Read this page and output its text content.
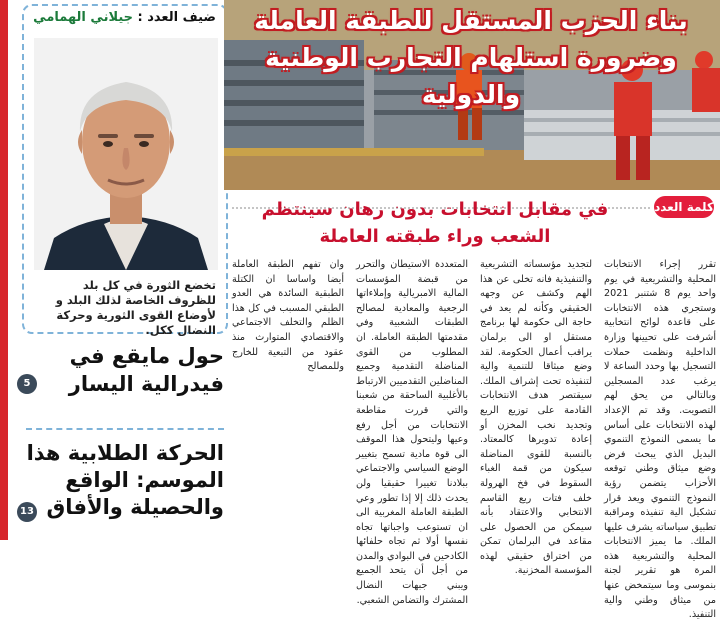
ضيف العدد : جيلاني الهمامي
تخضع الثورة في كل بلد للظروف الخاصة لذلك البلد و لأوضاع القوى الثورية وحركة النضال ككل.
حول مايقع في فيدرالية اليسار
5
الحركة الطلابية هذا الموسم: الواقع والحصيلة والأفاق
13
بناء الحزب المستقل للطبقة العاملة وضرورة استلهام التجارب الوطنية والدولية
كلمة العدد
في مقابل انتخابات بدون رهان سينتظم الشعب وراء طبقته العاملة
تقرر إجراء الانتخابات المحلية والتشريعية في يوم واحد يوم 8 شتنبر 2021 وستجري هذه الانتخابات على قاعدة لوائح انتخابية أشرفت على تحيينها وزارة الداخلية ونظمت حملات التسجيل بها وحدد الساعة لا يرغب عدد المسجلين وبالتالي من يحق لهم التصويت. وقد تم الإعداد لهذه الانتخابات على أساس ما يسمى النموذج التنموي البديل الذي يبحث فرض وضع ميثاق وطني توقعه الأحزاب يتضمن رؤية النموذج التنموي ويعد قرار تشكيل الية تنفيذه ومراقبة تطبيق سياساته يشرف عليها الملك. ما يميز الانتخابات المحلية والتشريعية هذه المرة هو تقرير لجنة بنموسى وما سيتمخض عنها من ميثاق وطني والية التنفيذ.
لتجديد مؤسساته التشريعية والتنفيذية فانه تخلى عن هذا الهم وكشف عن وجهه الحقيقي وكأنه لم يعد في حاجة الى حكومة لها برنامج مستقل او الى برلمان يراقب أعمال الحكومة. لقد وضع ميثاقا للتنمية والية لتنفيذه تحت إشراف الملك. سيقتصر هدف الانتخابات القادمة على توزيع الريع وتجديد نخب المخزن أو إعادة تدويرها كالمعتاد. بالنسبة للقوى المناضلة سيكون من قمة الغباء السقوط في فخ الهرولة خلف فتات ريع القاسم الانتخابي والاعتقاد بأنه سيمكن من الحصول على مقاعد في البرلمان تمكن من اختراق حقيقي لهذه المؤسسة المخزنية.
المتعددة الاستيطان والتحرر من قبضة المؤسسات المالية الامبريالية وإملاءاتها الرجعية والمعادية لمصالح الطبقات الشعبية وفي مقدمتها الطبقة العاملة. ان المطلوب من القوى المناضلة التقدمية وجميع المناضلين التقدميين الارتباط بالأغلبية الساحقة من شعبنا والتي قررت مقاطعة الانتخابات من أجل رفع وعيها وليتحول هذا الموقف الى قوة مادية تسمح بتغيير الوضع السياسي والاجتماعي ببلادنا تغييرا حقيقيا ولن يحدث ذلك إلا إذا تطور وعي الطبقة العاملة المغربية الى ان تستوعب واجباتها تجاه نفسها أولا ثم تجاه حلفائها الكادحين في البوادي والمدن من أجل أن يتحد الجميع ويبني جبهات النضال المشترك والتضامن الشعبي.
وان تفهم الطبقة العاملة أيضا واساسا ان الكتلة الطبقية السائدة هي العدو الطبقي المسبب في كل هذا الظلم والتخلف الاجتماعي والاقتصادي المتوارث منذ عقود من التبعية للخارج وللمصالح
